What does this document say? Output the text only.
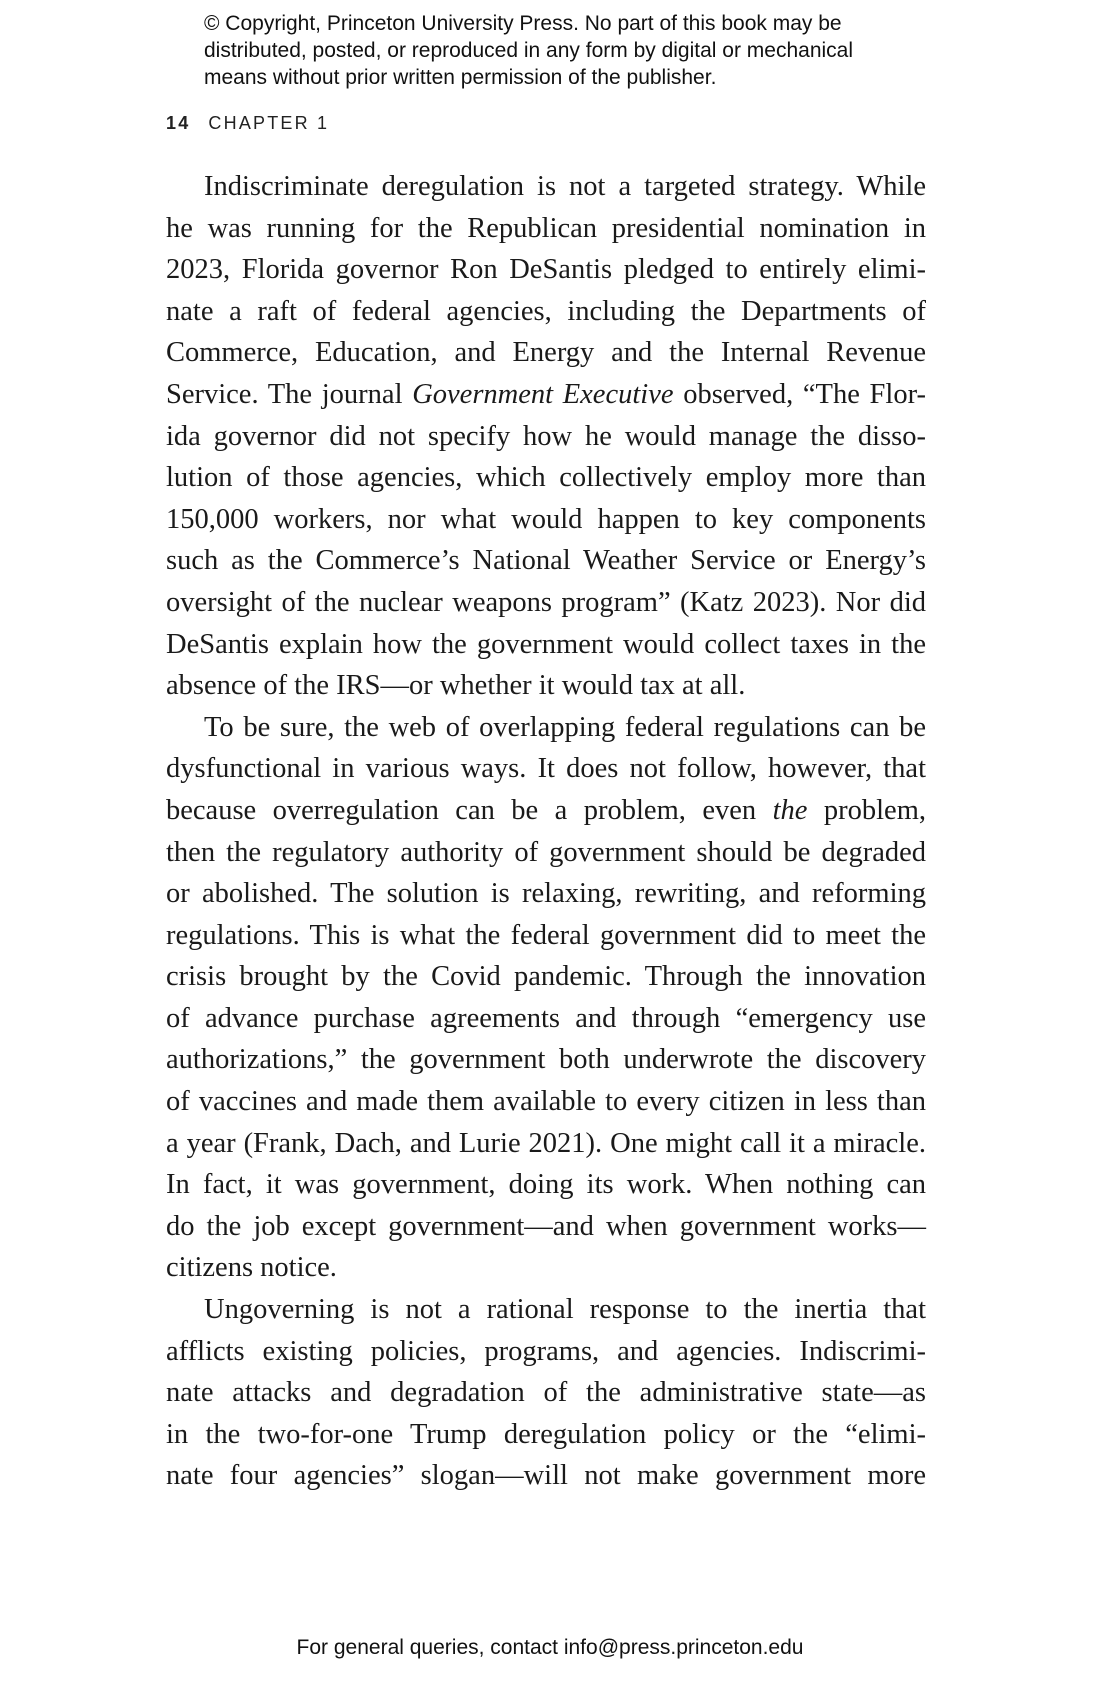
© Copyright, Princeton University Press. No part of this book may be
distributed, posted, or reproduced in any form by digital or mechanical
means without prior written permission of the publisher.
14 CHAPTER 1
Indiscriminate deregulation is not a targeted strategy. While
he was running for the Republican presidential nomination in
2023, Florida governor Ron DeSantis pledged to entirely elimi-
nate a raft of federal agencies, including the Departments of
Commerce, Education, and Energy and the Internal Revenue
Service. The journal Government Executive observed, “The Flor-
ida governor did not specify how he would manage the disso-
lution of those agencies, which collectively employ more than
150,000 workers, nor what would happen to key components
such as the Commerce’s National Weather Service or Energy’s
oversight of the nuclear weapons program” (Katz 2023). Nor did
DeSantis explain how the government would collect taxes in the
absence of the IRS—or whether it would tax at all.
To be sure, the web of overlapping federal regulations can be
dysfunctional in various ways. It does not follow, however, that
because overregulation can be a problem, even the problem,
then the regulatory authority of government should be degraded
or abolished. The solution is relaxing, rewriting, and reforming
regulations. This is what the federal government did to meet the
crisis brought by the Covid pandemic. Through the innovation
of advance purchase agreements and through “emergency use
authorizations,” the government both underwrote the discovery
of vaccines and made them available to every citizen in less than
a year (Frank, Dach, and Lurie 2021). One might call it a miracle.
In fact, it was government, doing its work. When nothing can
do the job except government—and when government works—
citizens notice.
Ungoverning is not a rational response to the inertia that
afflicts existing policies, programs, and agencies. Indiscrimi-
nate attacks and degradation of the administrative state—as
in the two-for-one Trump deregulation policy or the “elimi-
nate four agencies” slogan—will not make government more
For general queries, contact info@press.princeton.edu
